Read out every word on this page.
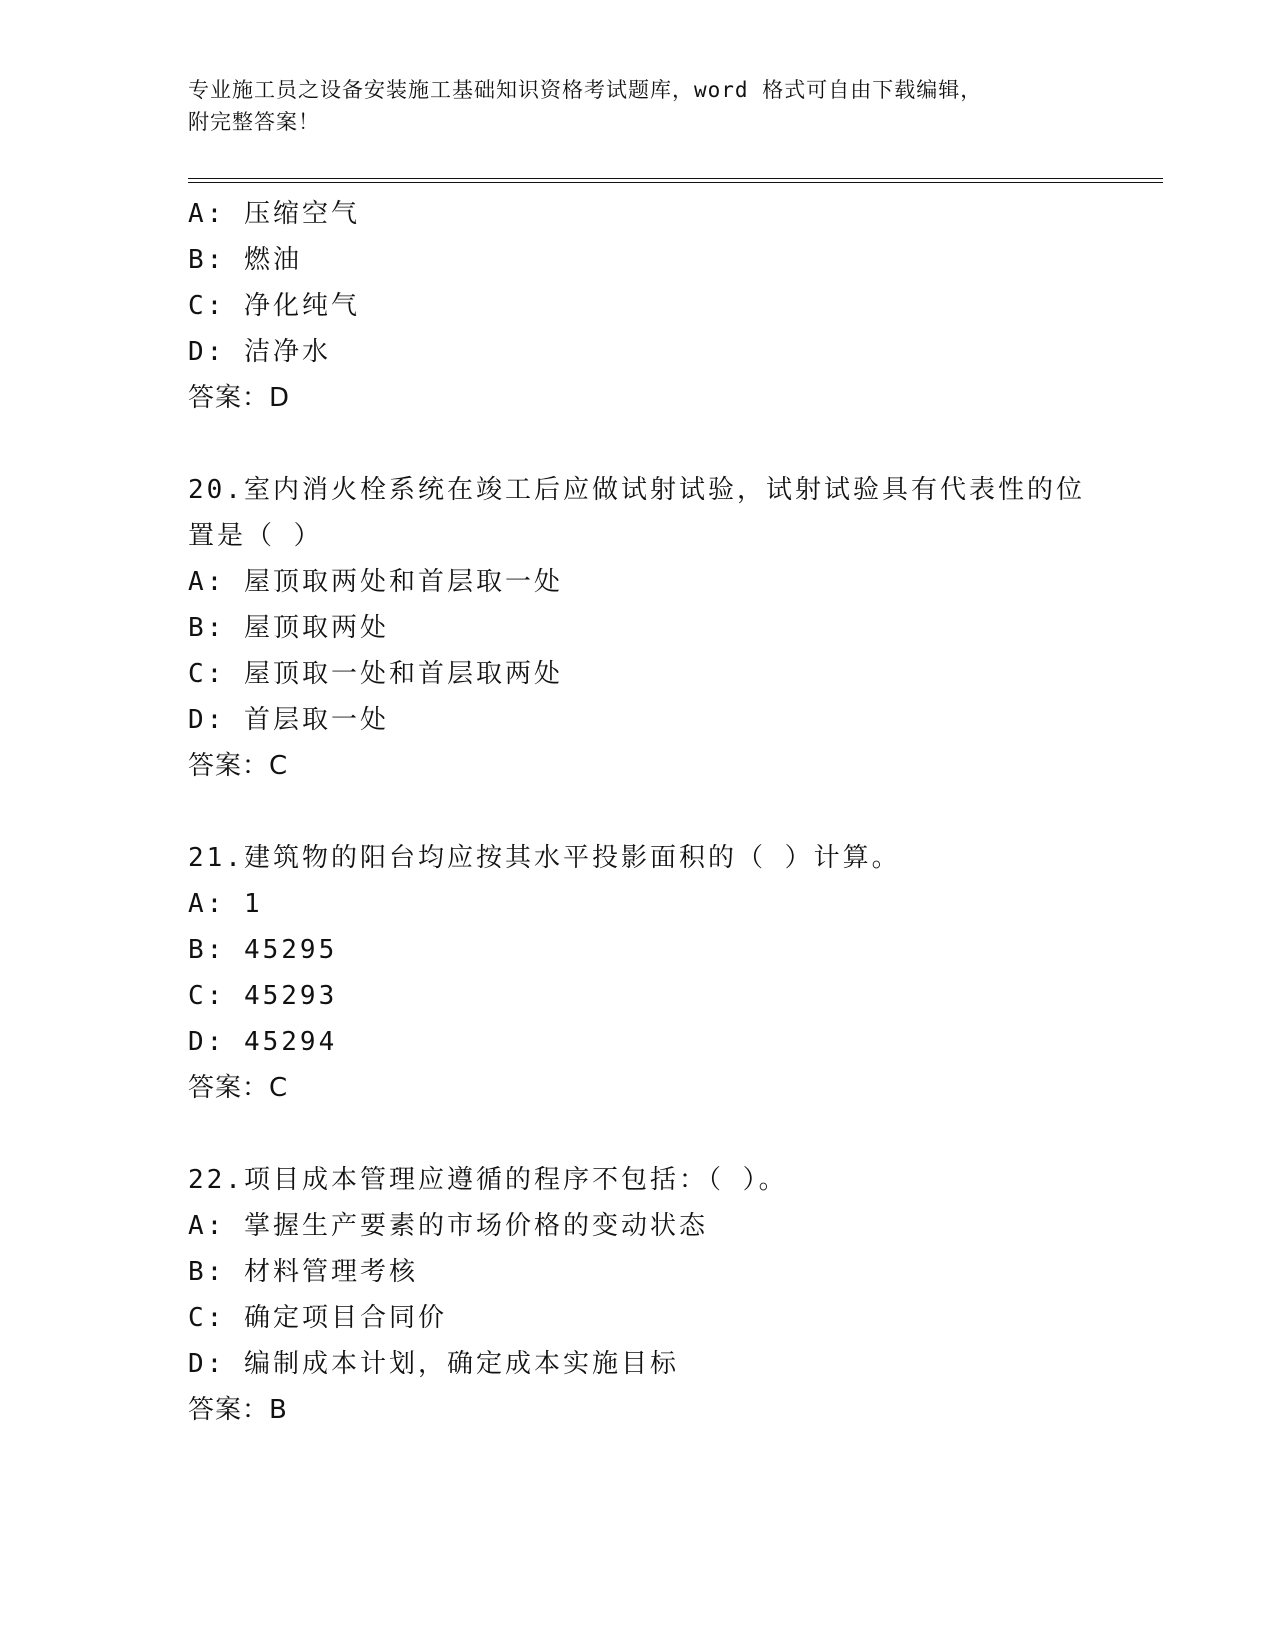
专业施工员之设备安装施工基础知识资格考试题库，word 格式可自由下载编辑，
附完整答案！
A: 压缩空气
B: 燃油
C: 净化纯气
D: 洁净水
答案：D
20.室内消火栓系统在竣工后应做试射试验，试射试验具有代表性的位
置是（ ）
A: 屋顶取两处和首层取一处
B: 屋顶取两处
C: 屋顶取一处和首层取两处
D: 首层取一处
答案：C
21.建筑物的阳台均应按其水平投影面积的（ ）计算。
A: 1
B: 45295
C: 45293
D: 45294
答案：C
22.项目成本管理应遵循的程序不包括：（ ）。
A: 掌握生产要素的市场价格的变动状态
B: 材料管理考核
C: 确定项目合同价
D: 编制成本计划，确定成本实施目标
答案：B
